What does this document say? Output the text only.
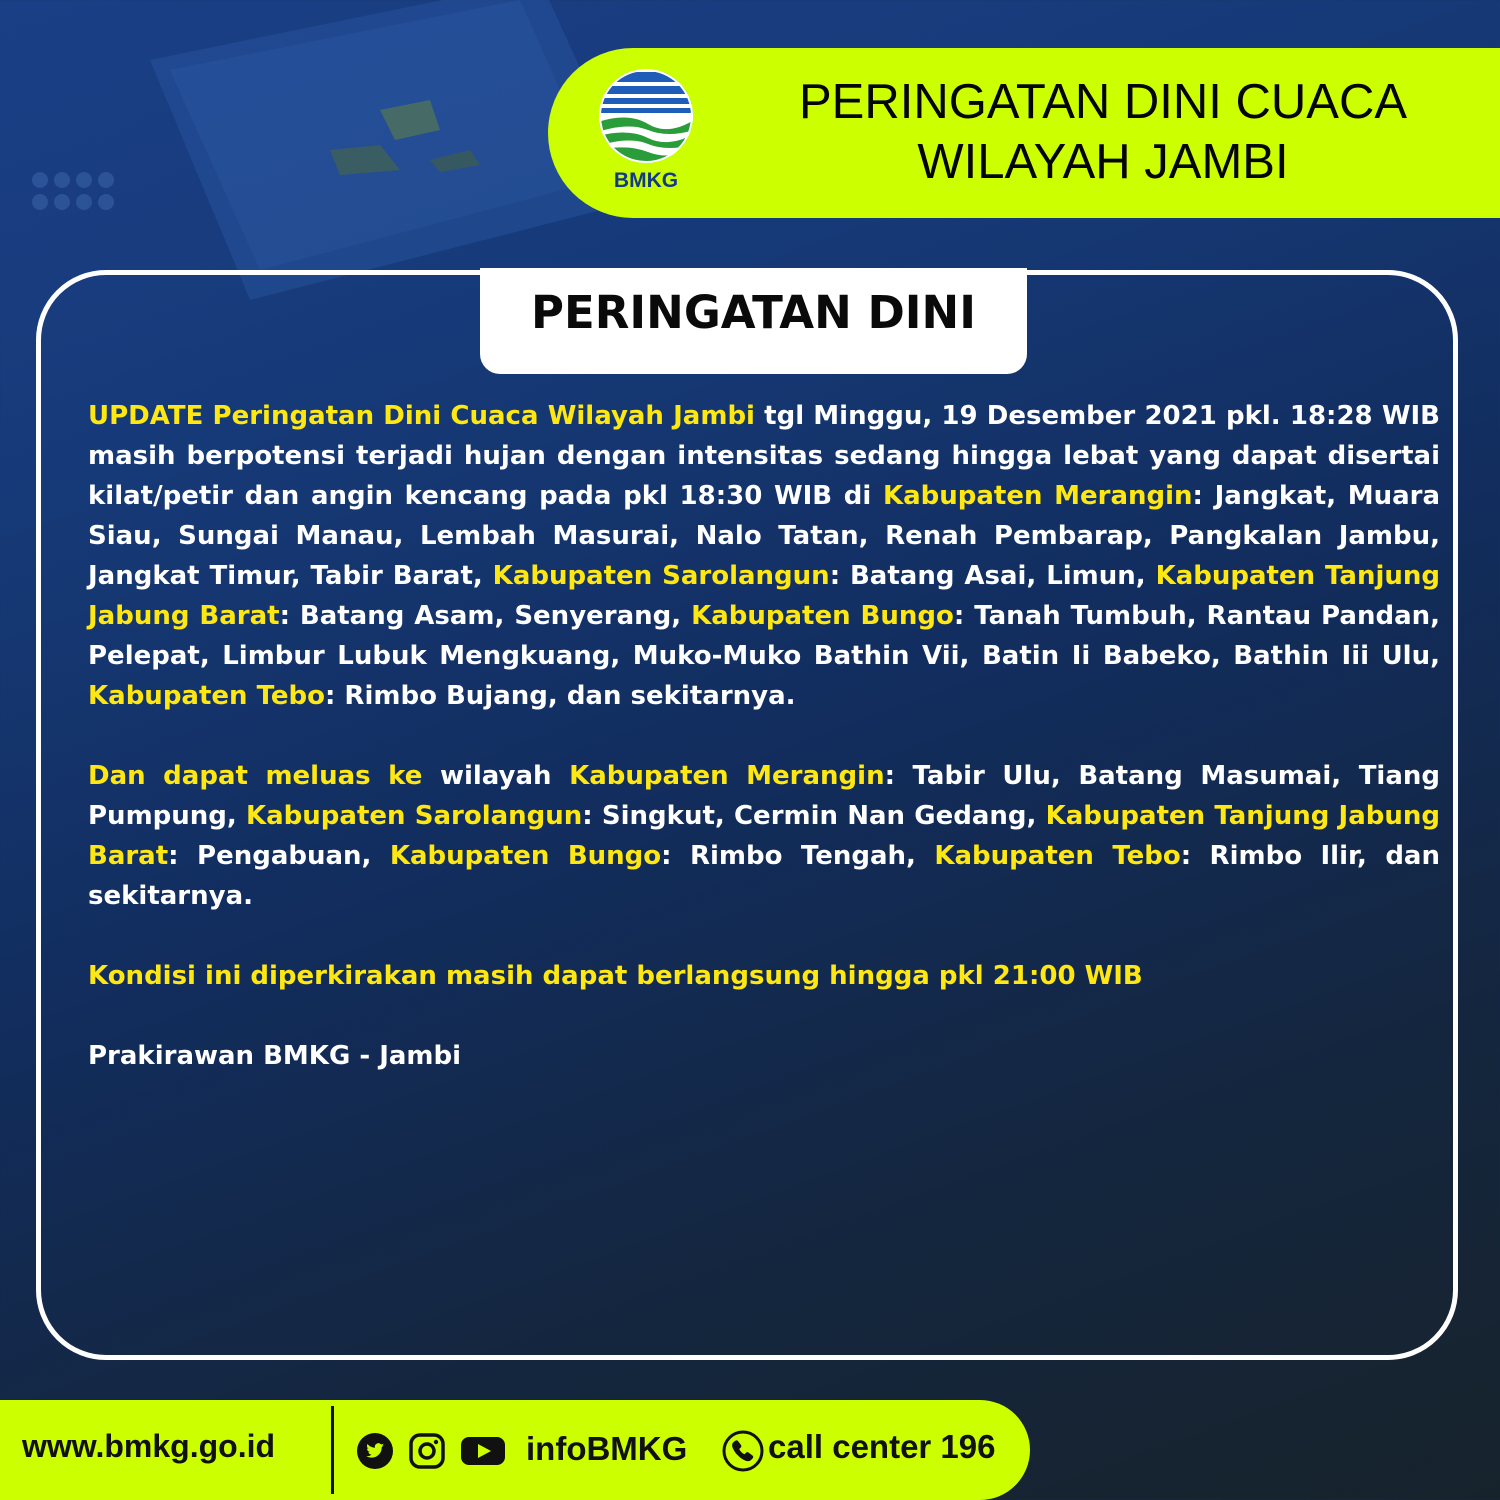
BMKG
PERINGATAN DINI CUACA
WILAYAH JAMBI
PERINGATAN DINI

UPDATE Peringatan Dini Cuaca Wilayah Jambi tgl Minggu, 19 Desember 2021 pkl. 18:28 WIB masih berpotensi terjadi hujan dengan intensitas sedang hingga lebat yang dapat disertai kilat/petir dan angin kencang pada pkl 18:30 WIB di Kabupaten Merangin: Jangkat, Muara Siau, Sungai Manau, Lembah Masurai, Nalo Tatan, Renah Pembarap, Pangkalan Jambu, Jangkat Timur, Tabir Barat, Kabupaten Sarolangun: Batang Asai, Limun, Kabupaten Tanjung Jabung Barat: Batang Asam, Senyerang, Kabupaten Bungo: Tanah Tumbuh, Rantau Pandan, Pelepat, Limbur Lubuk Mengkuang, Muko-Muko Bathin Vii, Batin Ii Babeko, Bathin Iii Ulu, Kabupaten Tebo: Rimbo Bujang, dan sekitarnya.

Dan dapat meluas ke wilayah Kabupaten Merangin: Tabir Ulu, Batang Masumai, Tiang Pumpung, Kabupaten Sarolangun: Singkut, Cermin Nan Gedang, Kabupaten Tanjung Jabung Barat: Pengabuan, Kabupaten Bungo: Rimbo Tengah, Kabupaten Tebo: Rimbo Ilir, dan sekitarnya.

Kondisi ini diperkirakan masih dapat berlangsung hingga pkl 21:00 WIB

Prakirawan BMKG - Jambi

www.bmkg.go.id	infoBMKG call center 196
